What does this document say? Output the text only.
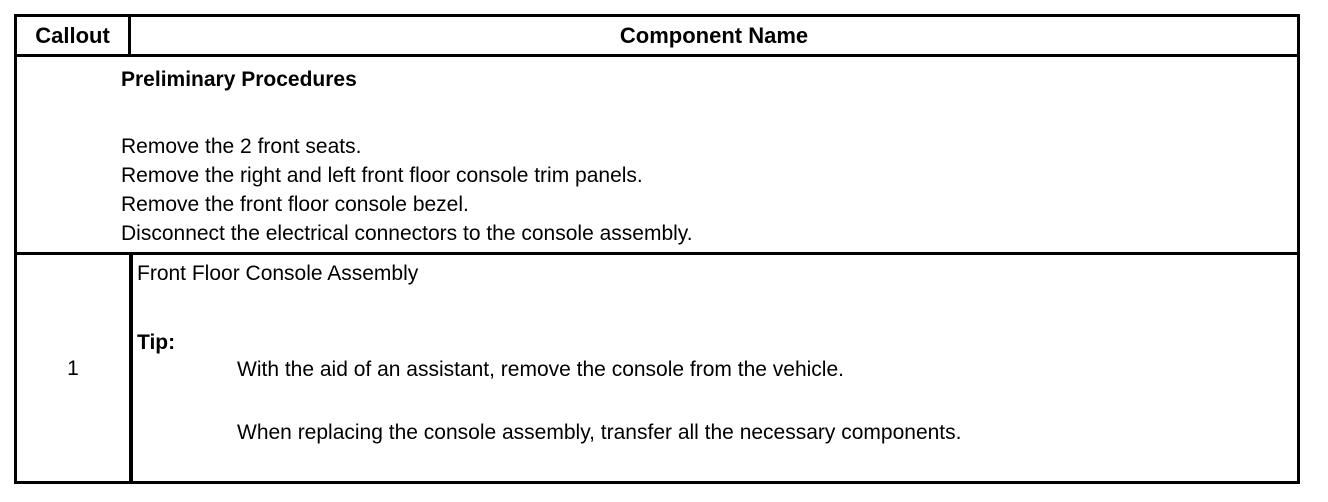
Callout	Component Name
Preliminary Procedures
Remove the 2 front seats.
Remove the right and left front floor console trim panels.
Remove the front floor console bezel.
Disconnect the electrical connectors to the console assembly.
1
Front Floor Console Assembly
Tip:
With the aid of an assistant, remove the console from the vehicle.
When replacing the console assembly, transfer all the necessary components.
